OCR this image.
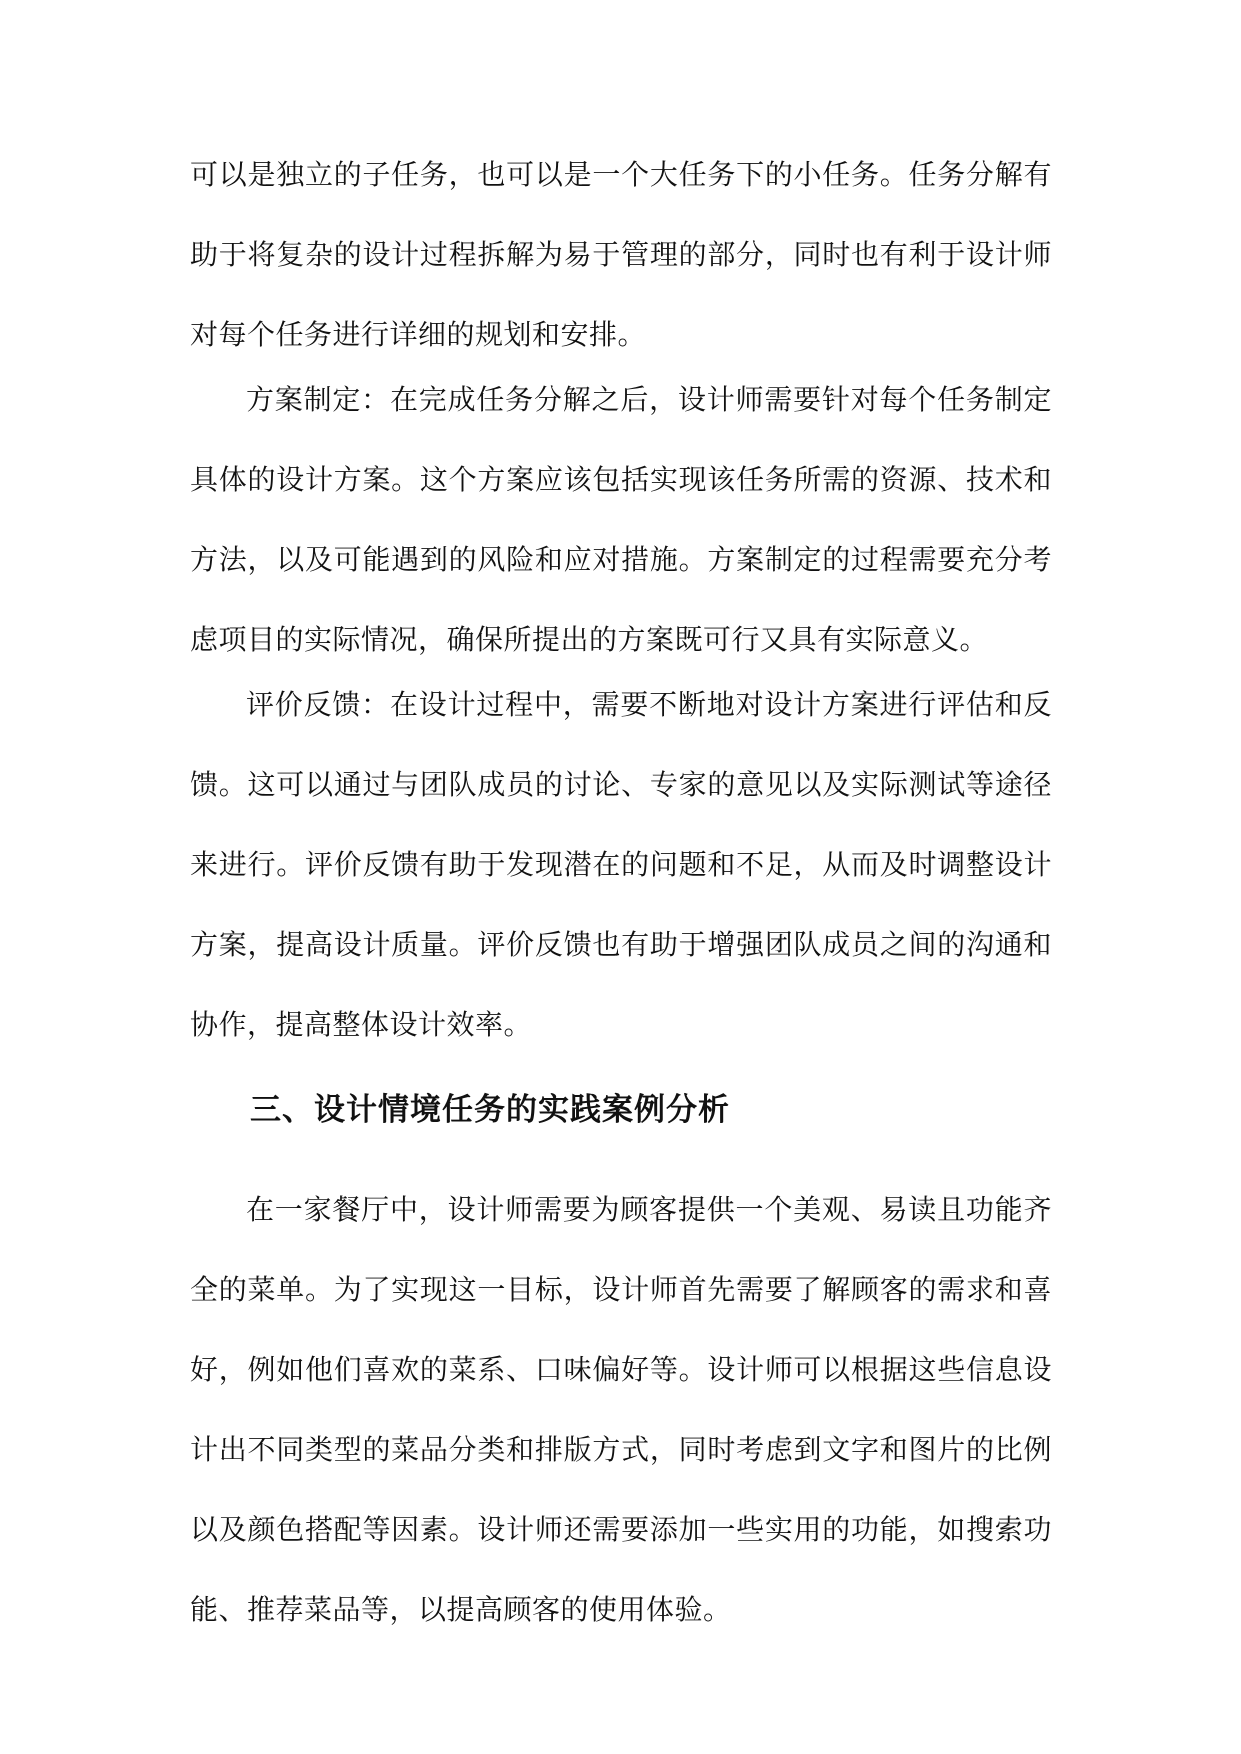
可以是独立的子任务，也可以是一个大任务下的小任务。任务分解有助于将复杂的设计过程拆解为易于管理的部分，同时也有利于设计师对每个任务进行详细的规划和安排。

方案制定：在完成任务分解之后，设计师需要针对每个任务制定具体的设计方案。这个方案应该包括实现该任务所需的资源、技术和方法，以及可能遇到的风险和应对措施。方案制定的过程需要充分考虑项目的实际情况，确保所提出的方案既可行又具有实际意义。

评价反馈：在设计过程中，需要不断地对设计方案进行评估和反馈。这可以通过与团队成员的讨论、专家的意见以及实际测试等途径来进行。评价反馈有助于发现潜在的问题和不足，从而及时调整设计方案，提高设计质量。评价反馈也有助于增强团队成员之间的沟通和协作，提高整体设计效率。

三、设计情境任务的实践案例分析

在一家餐厅中，设计师需要为顾客提供一个美观、易读且功能齐全的菜单。为了实现这一目标，设计师首先需要了解顾客的需求和喜好，例如他们喜欢的菜系、口味偏好等。设计师可以根据这些信息设计出不同类型的菜品分类和排版方式，同时考虑到文字和图片的比例以及颜色搭配等因素。设计师还需要添加一些实用的功能，如搜索功能、推荐菜品等，以提高顾客的使用体验。
